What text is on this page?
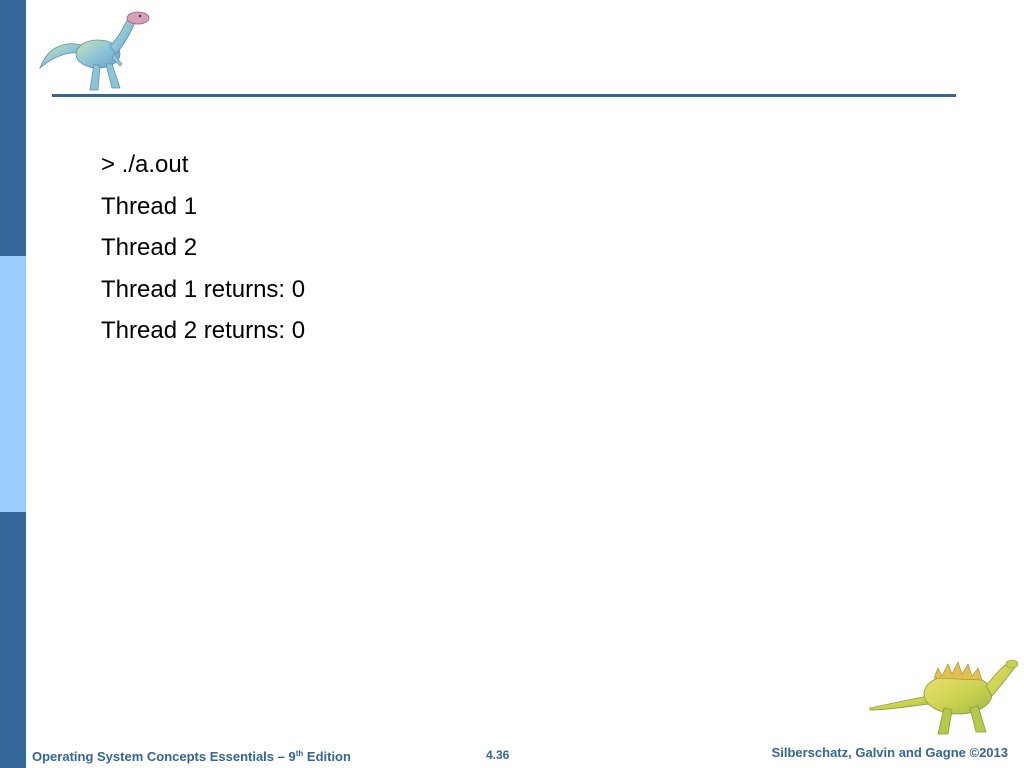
> ./a.out
Thread 1
Thread 2
Thread 1 returns: 0
Thread 2 returns: 0
Operating System Concepts Essentials – 9th Edition	4.36	Silberschatz, Galvin and Gagne ©2013
